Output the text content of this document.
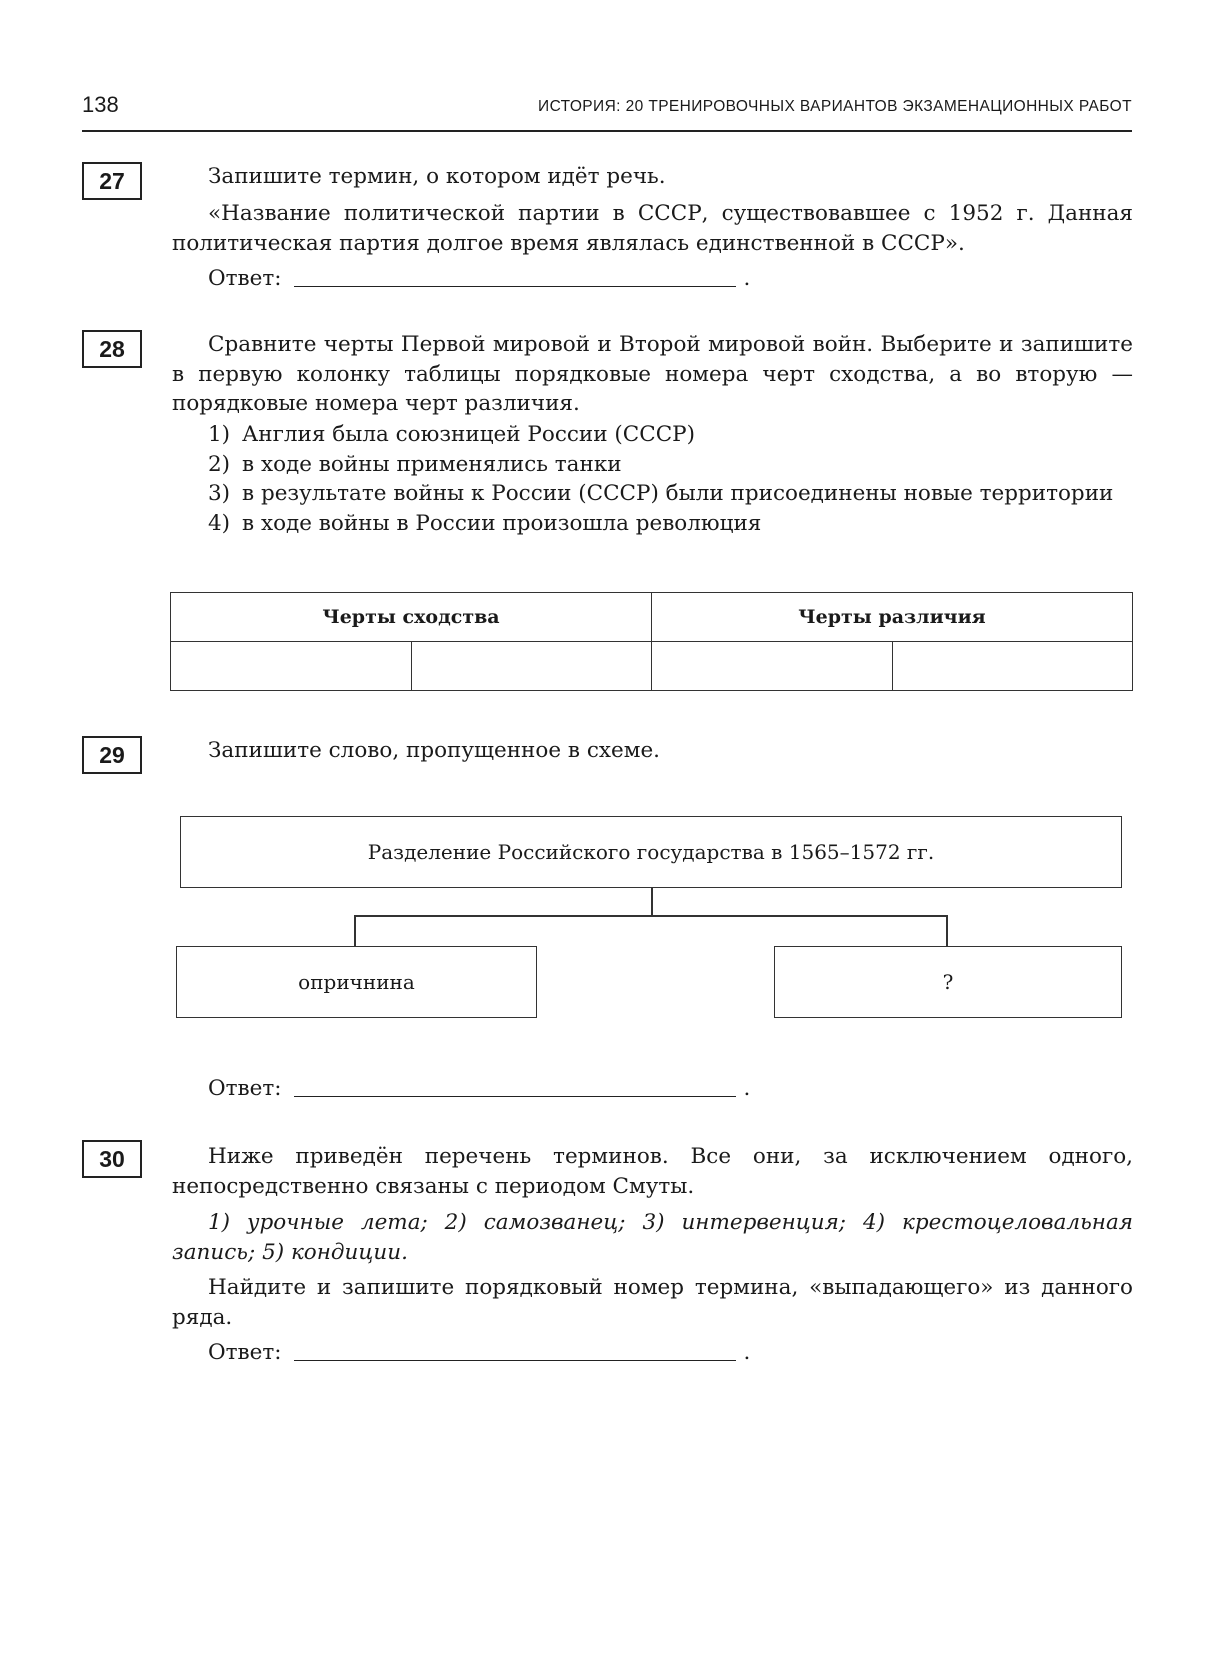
138	ИСТОРИЯ: 20 ТРЕНИРОВОЧНЫХ ВАРИАНТОВ ЭКЗАМЕНАЦИОННЫХ РАБОТ
27	Запишите термин, о котором идёт речь.

«Название политической партии в СССР, существовавшее с 1952 г. Данная политическая партия долгое время являлась единственной в СССР».

Ответ:	.
28	Сравните черты Первой мировой и Второй мировой войн. Выберите и запишите в первую колонку таблицы порядковые номера черт сходства, а во вторую — порядковые номера черт различия.

1) Англия была союзницей России (СССР)
2) в ходе войны применялись танки
3) в результате войны к России (СССР) были присоединены новые территории
4) в ходе войны в России произошла революция
Черты сходства		Черты различия	

29	Запишите слово, пропущенное в схеме.

Разделение Российского государства в 1565–1572 гг.
опричнина	?
Ответ:	.
30	Ниже приведён перечень терминов. Все они, за исключением одного, непосредственно связаны с периодом Смуты.

1) урочные лета; 2) самозванец; 3) интервенция; 4) крестоцеловальная запись; 5) кондиции.

Найдите и запишите порядковый номер термина, «выпадающего» из данного ряда.

Ответ:	.
